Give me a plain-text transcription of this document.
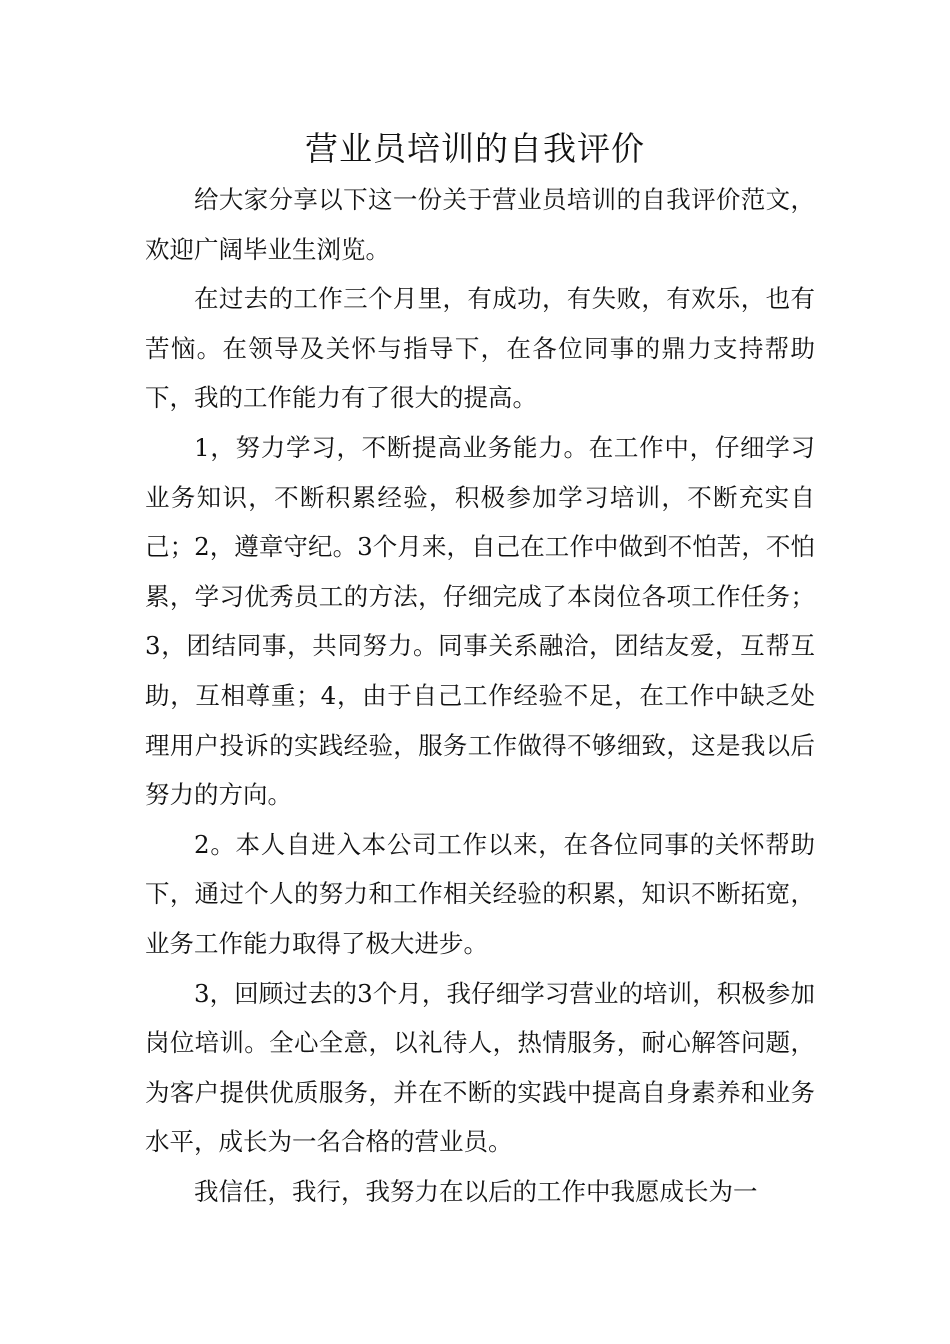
营业员培训的自我评价

给大家分享以下这一份关于营业员培训的自我评价范文，欢迎广阔毕业生浏览。

在过去的工作三个月里，有成功，有失败，有欢乐，也有苦恼。在领导及关怀与指导下，在各位同事的鼎力支持帮助下，我的工作能力有了很大的提高。

1，努力学习，不断提高业务能力。在工作中，仔细学习业务知识，不断积累经验，积极参加学习培训，不断充实自己；2，遵章守纪。3个月来，自己在工作中做到不怕苦，不怕累，学习优秀员工的方法，仔细完成了本岗位各项工作任务；3，团结同事，共同努力。同事关系融洽，团结友爱，互帮互助，互相尊重；4，由于自己工作经验不足，在工作中缺乏处理用户投诉的实践经验，服务工作做得不够细致，这是我以后努力的方向。

2。本人自进入本公司工作以来，在各位同事的关怀帮助下，通过个人的努力和工作相关经验的积累，知识不断拓宽，业务工作能力取得了极大进步。

3，回顾过去的3个月，我仔细学习营业的培训，积极参加岗位培训。全心全意，以礼待人，热情服务，耐心解答问题，为客户提供优质服务，并在不断的实践中提高自身素养和业务水平，成长为一名合格的营业员。

我信任，我行，我努力在以后的工作中我愿成长为一
